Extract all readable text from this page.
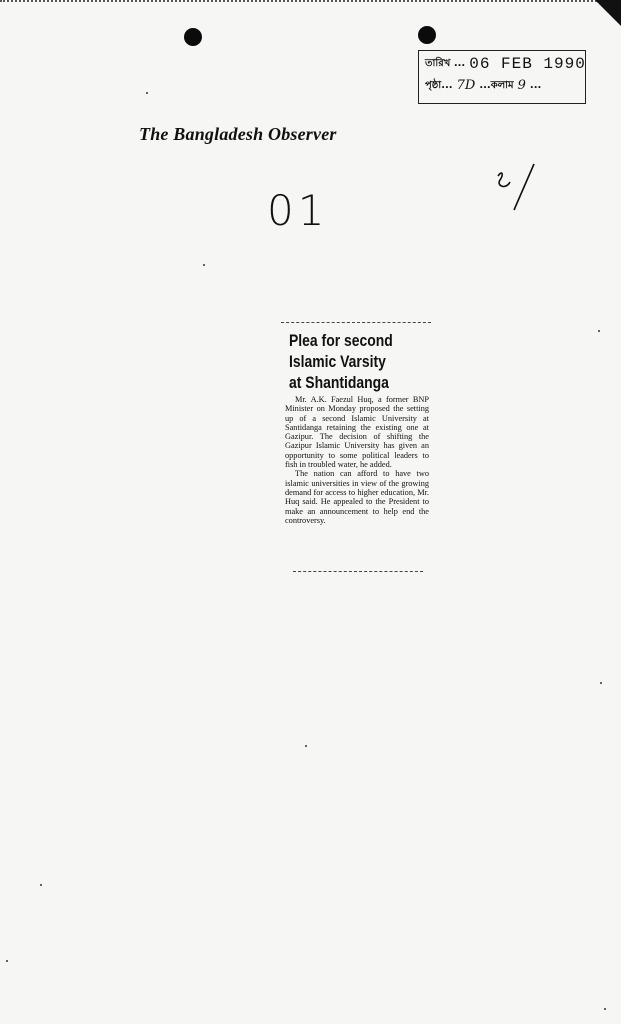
তারিখ ... 06 FEB 1990
পৃষ্ঠা... 7D ...কলাম 9 ...
The Bangladesh Observer
01
Plea for second
Islamic Varsity
at Shantidanga

Mr. A.K. Faezul Huq, a former BNP Minister on Monday proposed the setting up of a second Islamic University at Santidanga retaining the existing one at Gazipur. The decision of shifting the Gazipur Islamic University has given an opportunity to some political leaders to fish in troubled water, he added.

The nation can afford to have two islamic universities in view of the growing demand for access to higher education, Mr. Huq said. He appealed to the President to make an announcement to help end the controversy.
